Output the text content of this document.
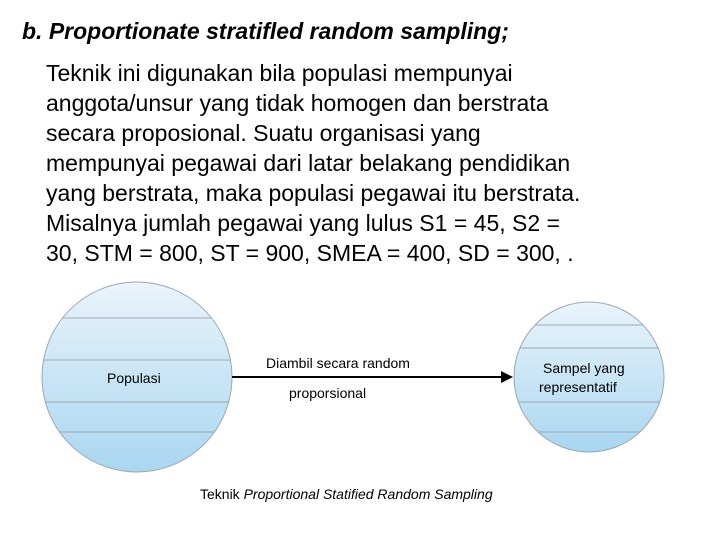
b. Proportionate stratifled random sampling;
Teknik ini digunakan bila populasi mempunyai
anggota/unsur yang tidak homogen dan berstrata
secara proposional. Suatu organisasi yang
mempunyai pegawai dari latar belakang pendidikan
yang berstrata, maka populasi pegawai itu berstrata.
Misalnya jumlah pegawai yang lulus S1 = 45, S2 =
30, STM = 800, ST = 900, SMEA = 400, SD = 300, .
Populasi
Diambil secara random
proporsional
Sampel yang
representatif
Teknik Proportional Statified Random Sampling
